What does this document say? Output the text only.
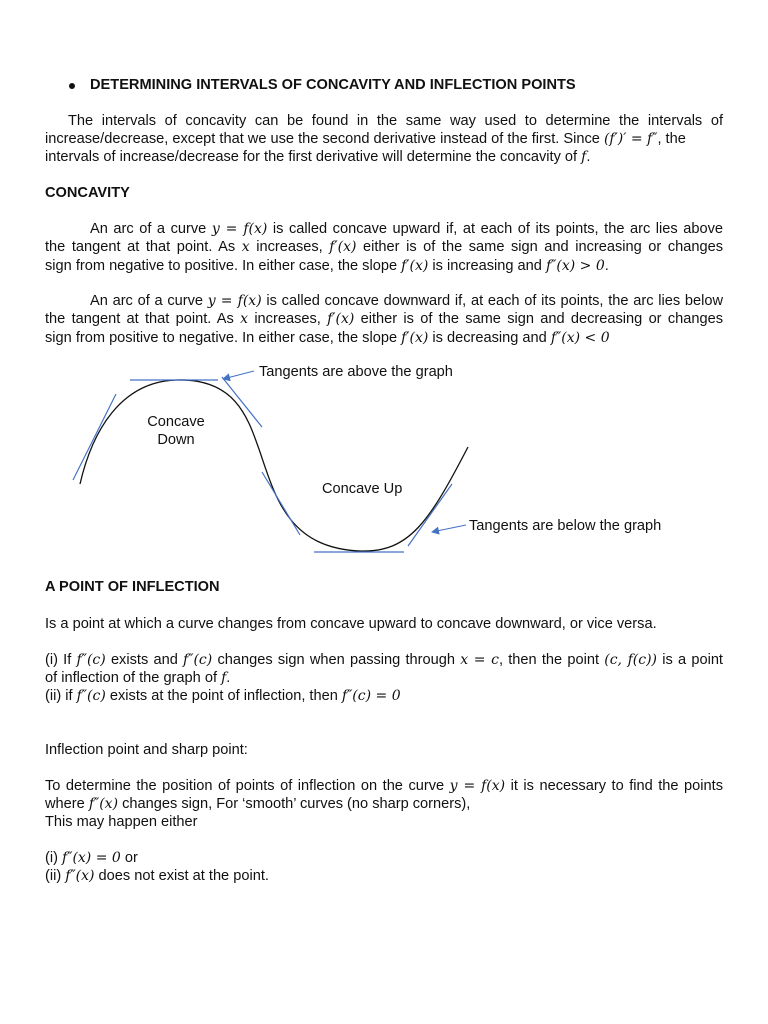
DETERMINING INTERVALS OF CONCAVITY AND INFLECTION POINTS
The intervals of concavity can be found in the same way used to determine the intervals of
increase/decrease, except that we use the second derivative instead of the first. Since (f′)′ = f″, the
intervals of increase/decrease for the first derivative will determine the concavity of f.
CONCAVITY
An arc of a curve y = f(x) is called concave upward if, at each of its points, the arc lies above
the tangent at that point. As x increases, f′(x) either is of the same sign and increasing or changes
sign from negative to positive. In either case, the slope f′(x) is increasing and f″(x) > 0.
An arc of a curve y = f(x) is called concave downward if, at each of its points, the arc lies below
the tangent at that point. As x increases, f′(x) either is of the same sign and decreasing or changes
sign from positive to negative. In either case, the slope f′(x) is decreasing and f″(x) < 0
Tangents are above the graph
Concave
Down
Concave Up
Tangents are below the graph
A POINT OF INFLECTION
Is a point at which a curve changes from concave upward to concave downward, or vice versa.
(i) If f″(c) exists and f″(c) changes sign when passing through x = c, then the point (c, f(c)) is a point
of inflection of the graph of f.
(ii) if f″(c) exists at the point of inflection, then f″(c) = 0
Inflection point and sharp point:
To determine the position of points of inflection on the curve y = f(x) it is necessary to find the points
where f″(x) changes sign, For ‘smooth’ curves (no sharp corners),
This may happen either
(i) f″(x) = 0 or
(ii) f″(x) does not exist at the point.
